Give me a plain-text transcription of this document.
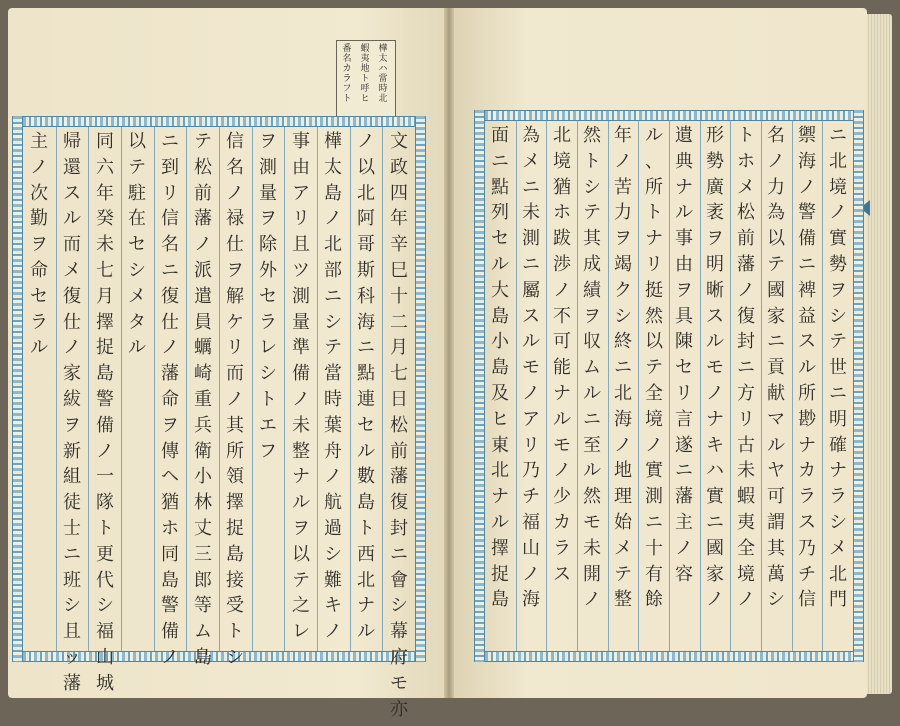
樺
太
ハ
當
時
北
蝦
夷
地
ト
呼
ヒ
番
名
カ
ラ
フ
ト
文
政
四
年
辛
巳
十
二
月
七
日
松
前
藩
復
封
ニ
會
シ
幕
府
モ
亦
ノ
以
北
阿
哥
斯
科
海
ニ
點
連
セ
ル
數
島
ト
西
北
ナ
ル
樺
太
島
ノ
北
部
ニ
シ
テ
當
時
葉
舟
ノ
航
過
シ
難
キ
ノ
事
由
ア
リ
且
ツ
測
量
準
備
ノ
未
整
ナ
ル
ヲ
以
テ
之
レ
ヲ
測
量
ヲ
除
外
セ
ラ
レ
シ
ト
エ
フ
信
名
ノ
禄
仕
ヲ
解
ケ
リ
而
ノ
其
所
領
擇
捉
島
接
受
ト
シ
テ
松
前
藩
ノ
派
遣
員
蠣
崎
重
兵
衛
小
林
丈
三
郎
等
ム
島
ニ
到
リ
信
名
ニ
復
仕
ノ
藩
命
ヲ
傳
ヘ
猶
ホ
同
島
警
備
ノ
以
テ
駐
在
セ
シ
メ
タ
ル
同
六
年
癸
未
七
月
擇
捉
島
警
備
ノ
一
隊
ト
更
代
シ
福
山
城
帰
還
ス
ル
而
メ
復
仕
ノ
家
紱
ヲ
新
組
徒
士
ニ
班
シ
且
ッ
藩
主
ノ
次
勤
ヲ
命
セ
ラ
ル
ニ
北
境
ノ
實
勢
ヲ
シ
テ
世
ニ
明
確
ナ
ラ
シ
メ
北
門
禦
海
ノ
警
備
ニ
裨
益
ス
ル
所
尠
ナ
カ
ラ
ス
乃
チ
信
名
ノ
力
為
以
テ
國
家
ニ
貢
献
マ
ル
ヤ
可
謂
其
萬
シ
ト
ホ
メ
松
前
藩
ノ
復
封
ニ
方
リ
古
未
蝦
夷
全
境
ノ
形
勢
廣
袤
ヲ
明
晰
ス
ル
モ
ノ
ナ
キ
ハ
實
ニ
國
家
ノ
遺
典
ナ
ル
事
由
ヲ
具
陳
セ
リ
言
遂
ニ
藩
主
ノ
容
ル
、
所
ト
ナ
リ
挺
然
以
テ
全
境
ノ
實
測
ニ
十
有
餘
年
ノ
苦
力
ヲ
竭
ク
シ
終
ニ
北
海
ノ
地
理
始
メ
テ
整
然
ト
シ
テ
其
成
績
ヲ
収
ム
ル
ニ
至
ル
然
モ
未
開
ノ
北
境
猶
ホ
跋
渉
ノ
不
可
能
ナ
ル
モ
ノ
少
カ
ラ
ス
為
メ
ニ
未
測
ニ
屬
ス
ル
モ
ノ
ア
リ
乃
チ
福
山
ノ
海
面
ニ
點
列
セ
ル
大
島
小
島
及
ヒ
東
北
ナ
ル
擇
捉
島
